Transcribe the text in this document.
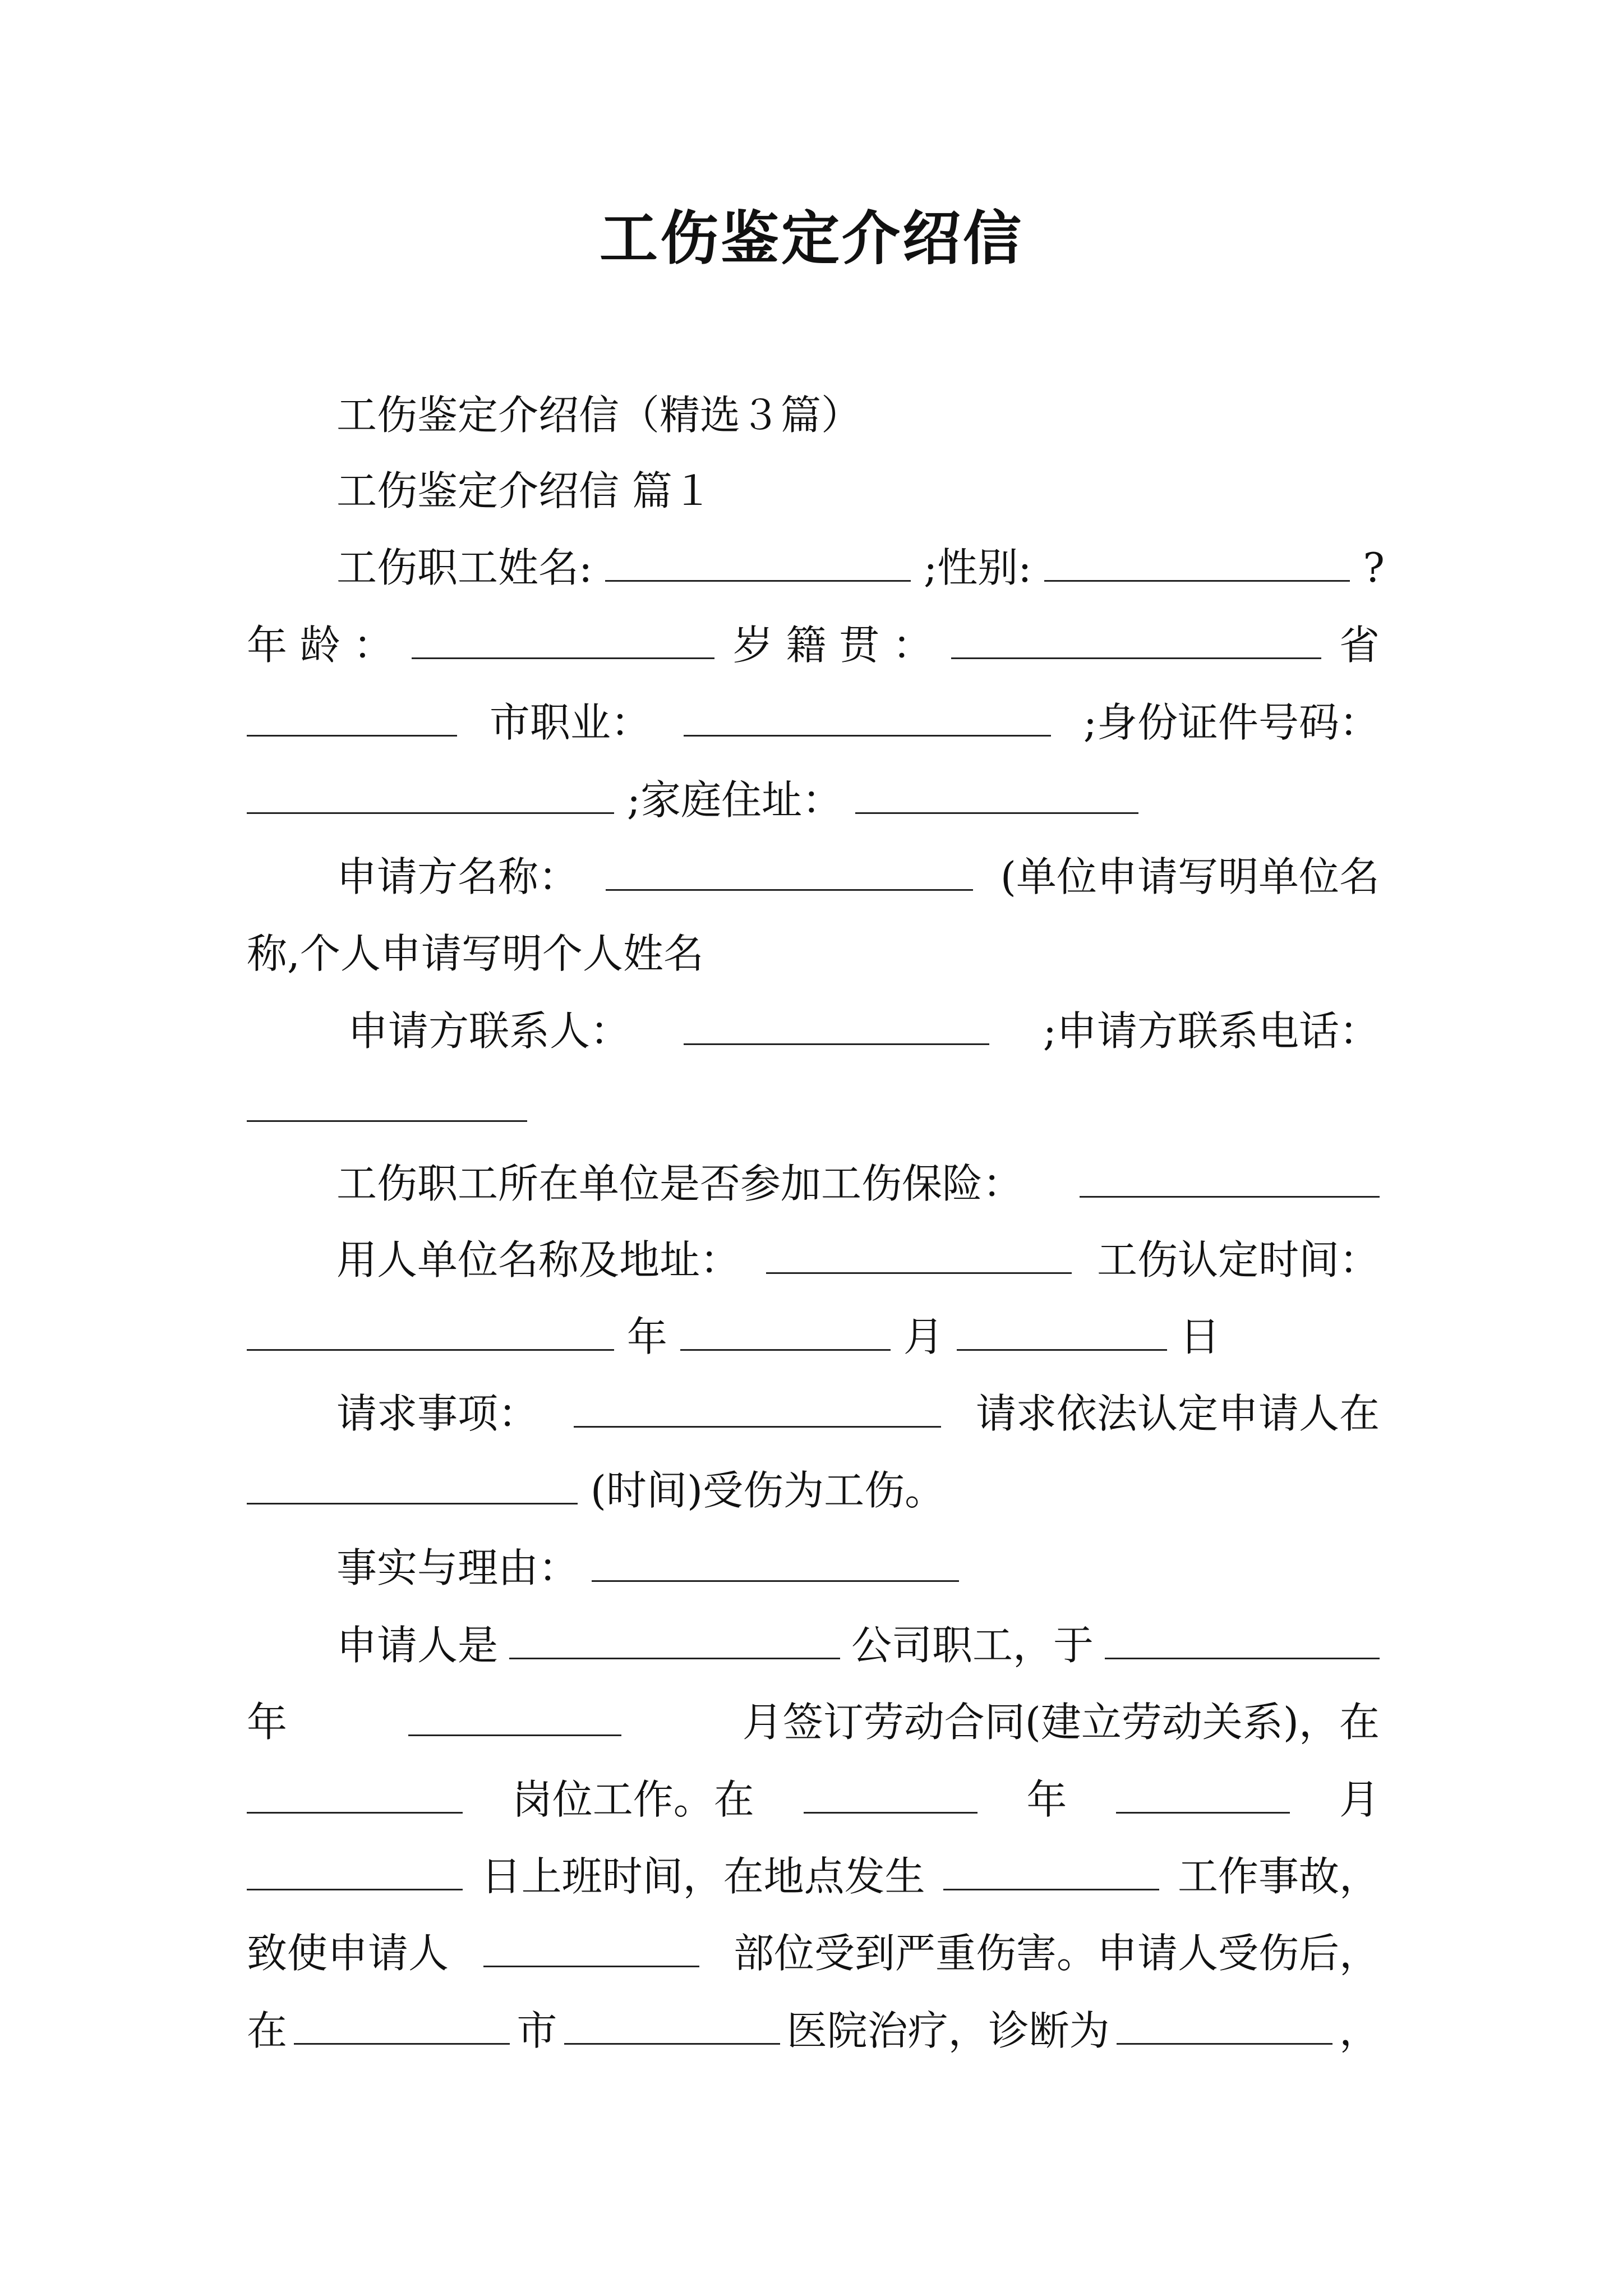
工伤鉴定介绍信
工伤鉴定介绍信（精选３篇）
工伤鉴定介绍信 篇１
工伤职工姓名:	;性别:	?
年 龄 ：	岁 籍 贯 ：	省
市职业：	;身份证件号码：
;家庭住址：
申请方名称：	(单位申请写明单位名
称,个人申请写明个人姓名
申请方联系人：	;申请方联系电话：
工伤职工所在单位是否参加工伤保险：
用人单位名称及地址：	工伤认定时间：
年	月	日
请求事项：	请求依法认定申请人在
(时间)受伤为工伤。
事实与理由：
申请人是	公司职工，于
年	月签订劳动合同(建立劳动关系)，在
岗位工作。在	年	月
日上班时间，在地点发生	工作事故，
致使申请人	部位受到严重伤害。申请人受伤后，
在	市	医院治疗，诊断为	，
